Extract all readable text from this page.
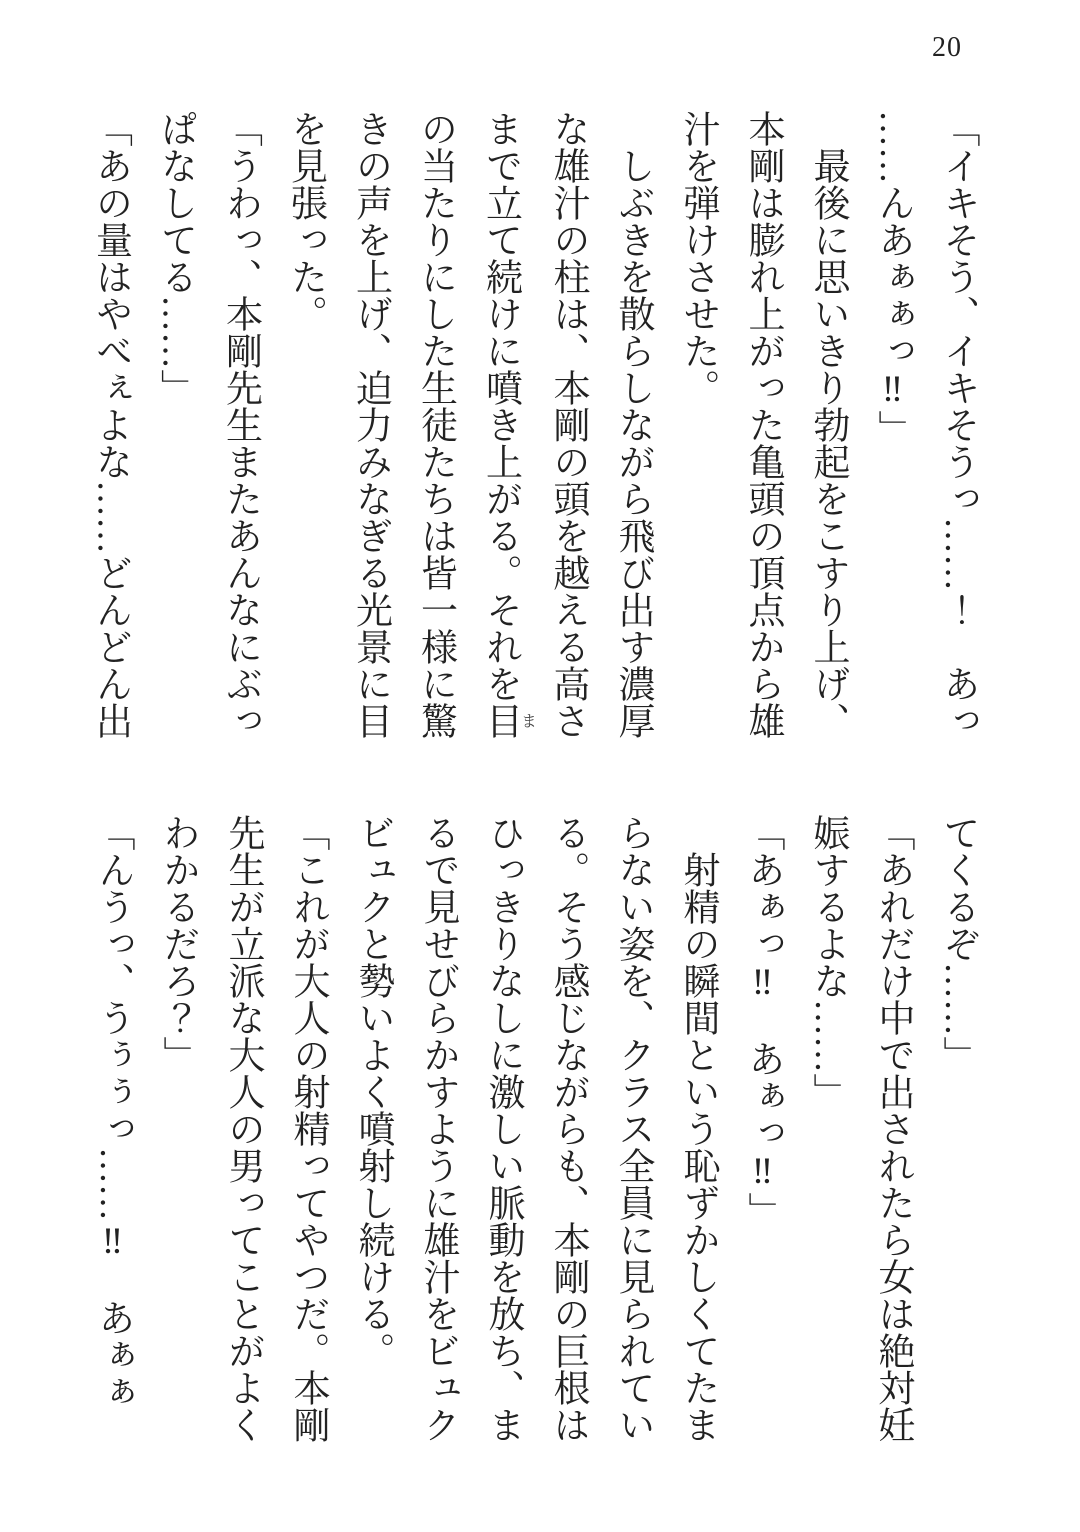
20

「イキそう、イキそうっ……！　あっ

……んあぁぁっ‼」

最後に思いきり勃起をこすり上げ、

本剛は膨れ上がった亀頭の頂点から雄

汁を弾けさせた。

しぶきを散らしながら飛び出す濃厚

な雄汁の柱は、本剛の頭を越える高さ

まで立て続けに噴き上がる。それを目ま

の当たりにした生徒たちは皆一様に驚

きの声を上げ、迫力みなぎる光景に目

を見張った。

「うわっ、本剛先生またあんなにぶっ

ぱなしてる……」

「あの量はやべぇよな……どんどん出

てくるぞ……」

「あれだけ中で出されたら女は絶対妊

娠するよな……」

「あぁっ‼　あぁっ‼」

射精の瞬間という恥ずかしくてたま

らない姿を、クラス全員に見られてい

る。そう感じながらも、本剛の巨根は

ひっきりなしに激しい脈動を放ち、ま

るで見せびらかすように雄汁をビュク

ビュクと勢いよく噴射し続ける。

「これが大人の射精ってやつだ。本剛

先生が立派な大人の男ってことがよく

わかるだろ？」

「んうっ、うぅぅっ……‼　あぁぁ
